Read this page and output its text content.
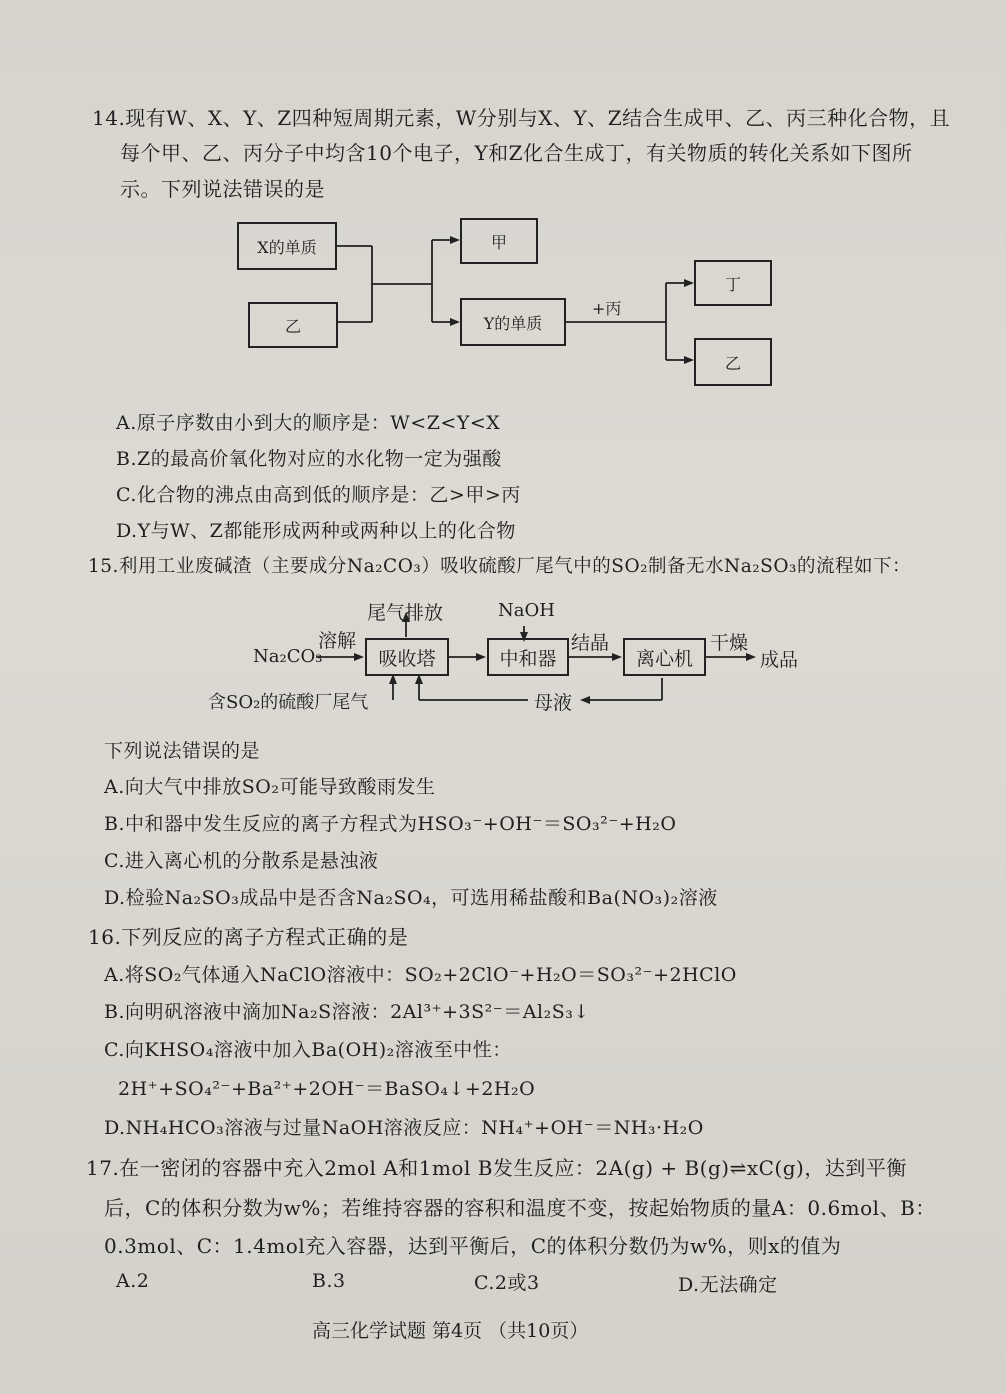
14.现有W、X、Y、Z四种短周期元素，W分别与X、Y、Z结合生成甲、乙、丙三种化合物，且
每个甲、乙、丙分子中均含10个电子，Y和Z化合生成丁，有关物质的转化关系如下图所
示。下列说法错误的是
X的单质
乙
甲
Y的单质
+丙
丁
乙
A.原子序数由小到大的顺序是：W<Z<Y<X
B.Z的最高价氧化物对应的水化物一定为强酸
C.化合物的沸点由高到低的顺序是：乙>甲>丙
D.Y与W、Z都能形成两种或两种以上的化合物
15.利用工业废碱渣（主要成分Na₂CO₃）吸收硫酸厂尾气中的SO₂制备无水Na₂SO₃的流程如下：
Na₂CO₃
溶解
吸收塔
尾气排放	NaOH
中和器
结晶
离心机
干燥
成品
含SO₂的硫酸厂尾气	母液
下列说法错误的是
A.向大气中排放SO₂可能导致酸雨发生
B.中和器中发生反应的离子方程式为HSO₃⁻+OH⁻＝SO₃²⁻+H₂O
C.进入离心机的分散系是悬浊液
D.检验Na₂SO₃成品中是否含Na₂SO₄，可选用稀盐酸和Ba(NO₃)₂溶液
16.下列反应的离子方程式正确的是
A.将SO₂气体通入NaClO溶液中：SO₂+2ClO⁻+H₂O＝SO₃²⁻+2HClO
B.向明矾溶液中滴加Na₂S溶液：2Al³⁺+3S²⁻＝Al₂S₃↓
C.向KHSO₄溶液中加入Ba(OH)₂溶液至中性：
2H⁺+SO₄²⁻+Ba²⁺+2OH⁻＝BaSO₄↓+2H₂O
D.NH₄HCO₃溶液与过量NaOH溶液反应：NH₄⁺+OH⁻＝NH₃·H₂O
17.在一密闭的容器中充入2mol A和1mol B发生反应：2A(g) + B(g)⇌xC(g)，达到平衡
后，C的体积分数为w%；若维持容器的容积和温度不变，按起始物质的量A：0.6mol、B：
0.3mol、C：1.4mol充入容器，达到平衡后，C的体积分数仍为w%，则x的值为
A.2	B.3	C.2或3	D.无法确定
高三化学试题 第4页 （共10页）
